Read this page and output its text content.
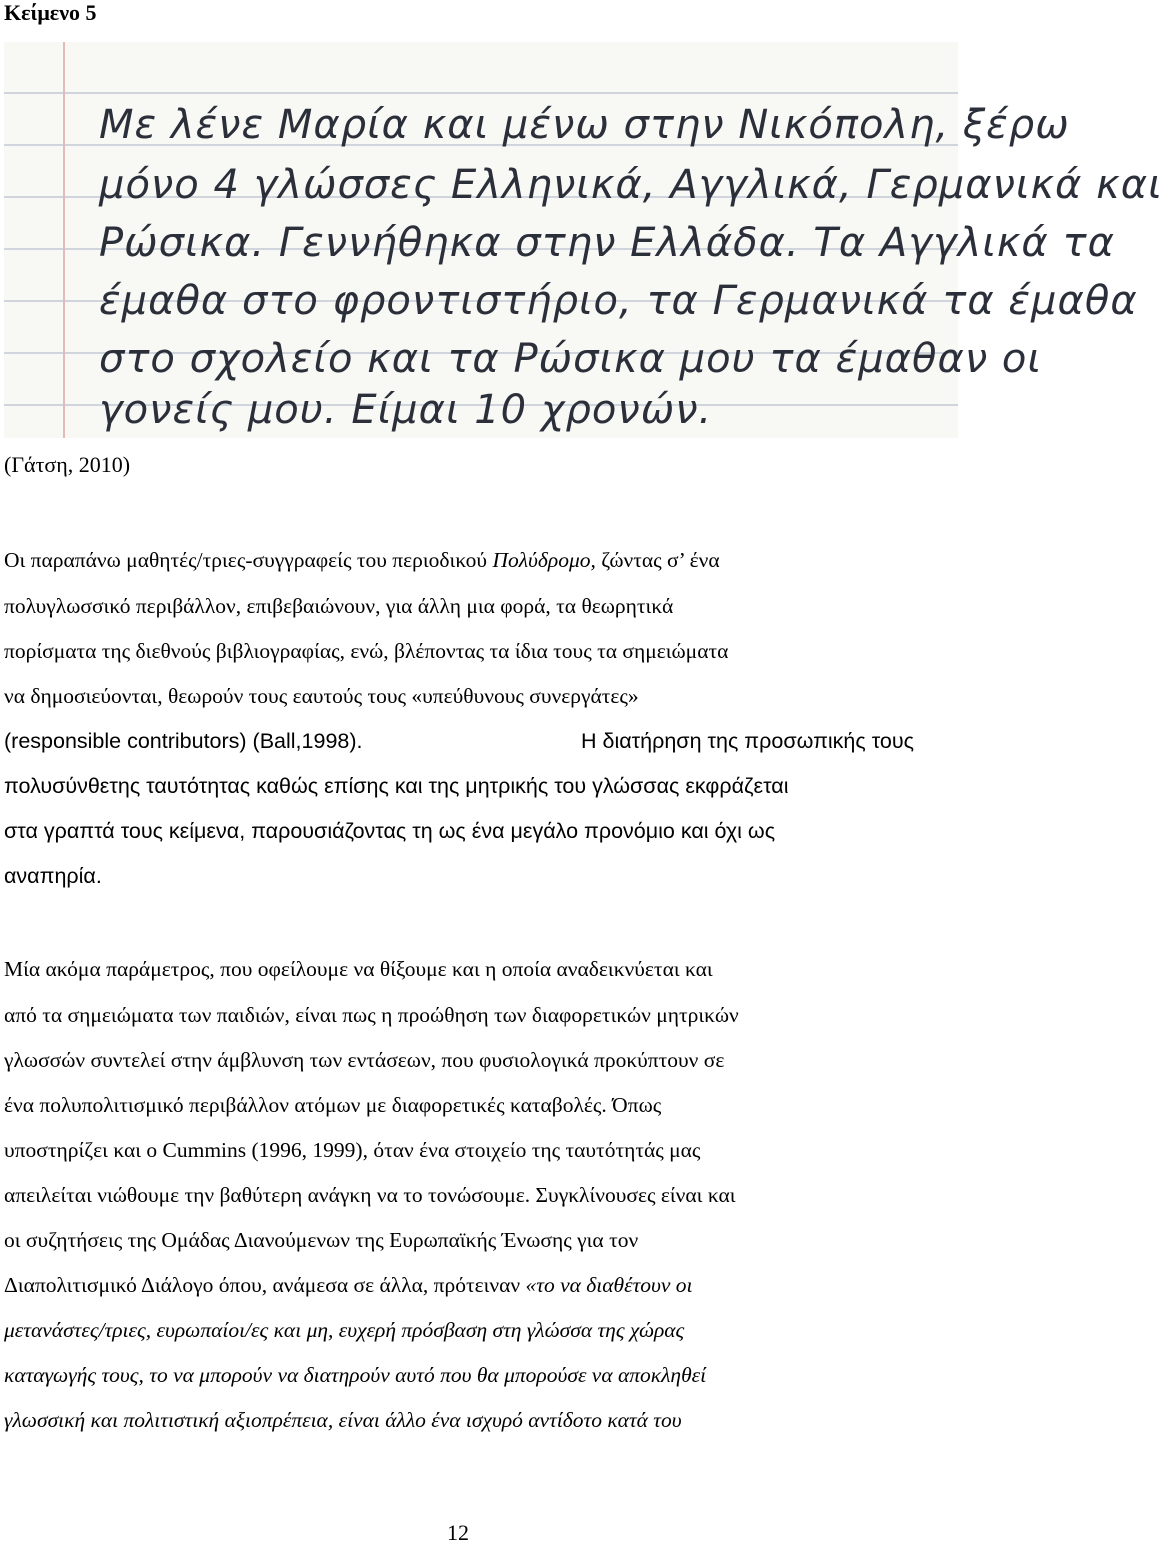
Κείμενο 5
Με λένε Μαρία και μένω στην Νικόπολη, ξέρω
μόνο 4 γλώσσες Ελληνικά, Αγγλικά, Γερμανικά και
Ρώσικα. Γεννήθηκα στην Ελλάδα. Τα Αγγλικά τα
έμαθα στο φροντιστήριο, τα Γερμανικά τα έμαθα
στο σχολείο και τα Ρώσικα μου τα έμαθαν οι
γονείς μου. Είμαι 10 χρονών.
(Γάτση, 2010)
Οι παραπάνω μαθητές/τριες-συγγραφείς του περιοδικού Πολύδρομο, ζώντας σ’ ένα
πολυγλωσσικό περιβάλλον, επιβεβαιώνουν, για άλλη μια φορά, τα θεωρητικά
πορίσματα της διεθνούς βιβλιογραφίας, ενώ, βλέποντας τα ίδια τους τα σημειώματα
να δημοσιεύονται, θεωρούν τους εαυτούς τους «υπεύθυνους συνεργάτες»
(responsible contributors) (Ball,1998).	Η διατήρηση της προσωπικής τους
πολυσύνθετης ταυτότητας καθώς επίσης και της μητρικής του γλώσσας εκφράζεται
στα γραπτά τους κείμενα, παρουσιάζοντας τη ως ένα μεγάλο προνόμιο και όχι ως
αναπηρία.
Μία ακόμα παράμετρος, που οφείλουμε να θίξουμε και η οποία αναδεικνύεται και
από τα σημειώματα των παιδιών, είναι πως η προώθηση των διαφορετικών μητρικών
γλωσσών συντελεί στην άμβλυνση των εντάσεων, που φυσιολογικά προκύπτουν σε
ένα πολυπολιτισμικό περιβάλλον ατόμων με διαφορετικές καταβολές. Όπως
υποστηρίζει και ο Cummins (1996, 1999), όταν ένα στοιχείο της ταυτότητάς μας
απειλείται νιώθουμε την βαθύτερη ανάγκη να το τονώσουμε. Συγκλίνουσες είναι και
οι συζητήσεις της Ομάδας Διανούμενων της Ευρωπαϊκής Ένωσης για τον
Διαπολιτισμικό Διάλογο όπου, ανάμεσα σε άλλα, πρότειναν «το να διαθέτουν οι
μετανάστες/τριες, ευρωπαίοι/ες και μη, ευχερή πρόσβαση στη γλώσσα της χώρας
καταγωγής τους, το να μπορούν να διατηρούν αυτό που θα μπορούσε να αποκληθεί
γλωσσική και πολιτιστική αξιοπρέπεια, είναι άλλο ένα ισχυρό αντίδοτο κατά του
12
